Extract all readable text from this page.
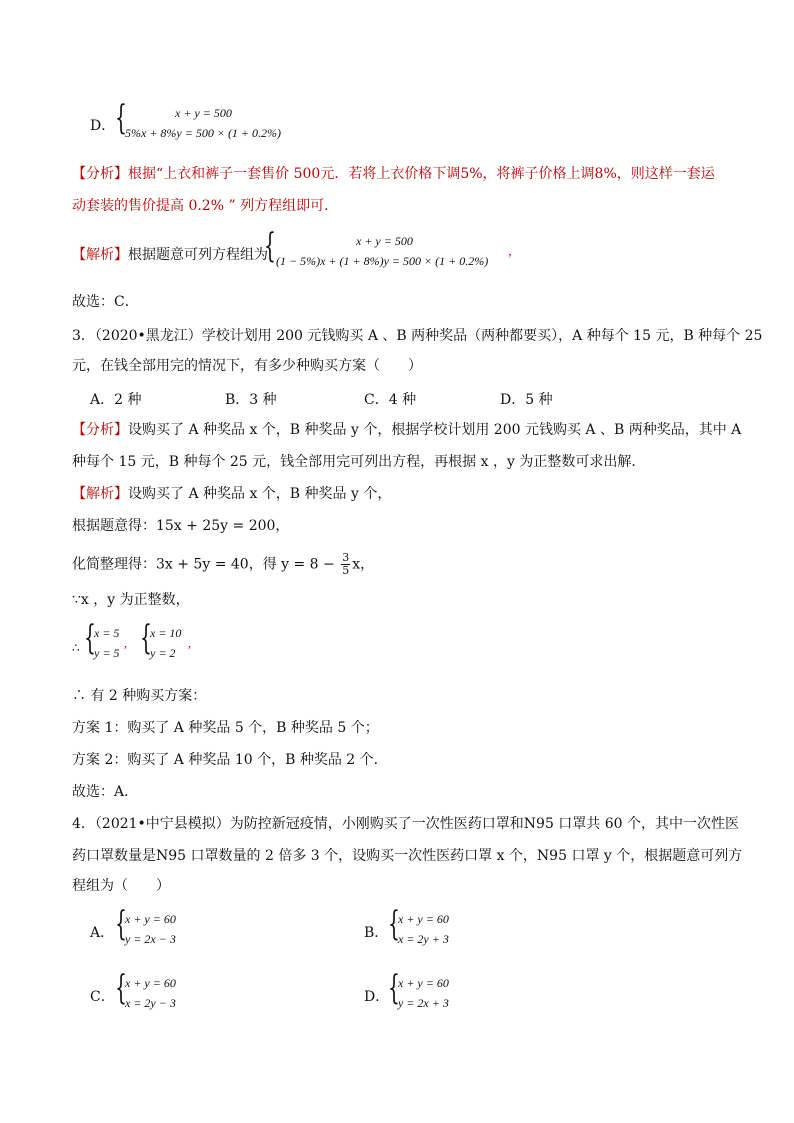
D． {	x + y = 500
5%x + 8%y = 500 × (1 + 0.2%)
【分析】根据“上衣和裤子一套售价 500元．若将上衣价格下调5%，将裤子价格上调8%，则这样一套运
动套装的售价提高 0.2% ” 列方程组即可．
【解析】根据题意可列方程组为
{	x + y = 500
(1 − 5%)x + (1 + 8%)y = 500 × (1 + 0.2%)
，
故选：C．
3．（2020•黑龙江）学校计划用 200 元钱购买 A 、B 两种奖品（两种都要买），A 种每个 15 元，B 种每个 25
元，在钱全部用完的情况下，有多少种购买方案（　　）
A．2 种	B．3 种	C．4 种	D．5 种
【分析】设购买了 A 种奖品 x 个，B 种奖品 y 个，根据学校计划用 200 元钱购买 A 、B 两种奖品，其中 A
种每个 15 元，B 种每个 25 元，钱全部用完可列出方程，再根据 x ，y 为正整数可求出解．
【解析】设购买了 A 种奖品 x 个，B 种奖品 y 个，
根据题意得：15x + 25y = 200，
化简整理得：3x + 5y = 40，得 $y = 8 - \frac{3}{5}$ x，
∵x ，y 为正整数，
∴ {
x = 5
y = 5
, {
x = 10
y = 2
,
∴ 有 2 种购买方案：
方案 1：购买了 A 种奖品 5 个，B 种奖品 5 个；
方案 2：购买了 A 种奖品 10 个，B 种奖品 2 个．
故选：A．
4．（2021•中宁县模拟）为防控新冠疫情，小刚购买了一次性医药口罩和N95 口罩共 60 个，其中一次性医
药口罩数量是N95 口罩数量的 2 倍多 3 个，设购买一次性医药口罩 x 个，N95 口罩 y 个，根据题意可列方
程组为（　　）
A． {
x + y = 60
y = 2x − 3	B． {
x + y = 60
x = 2y + 3
C． {
x + y = 60
x = 2y − 3	D．
{
x + y = 60
y = 2x + 3
